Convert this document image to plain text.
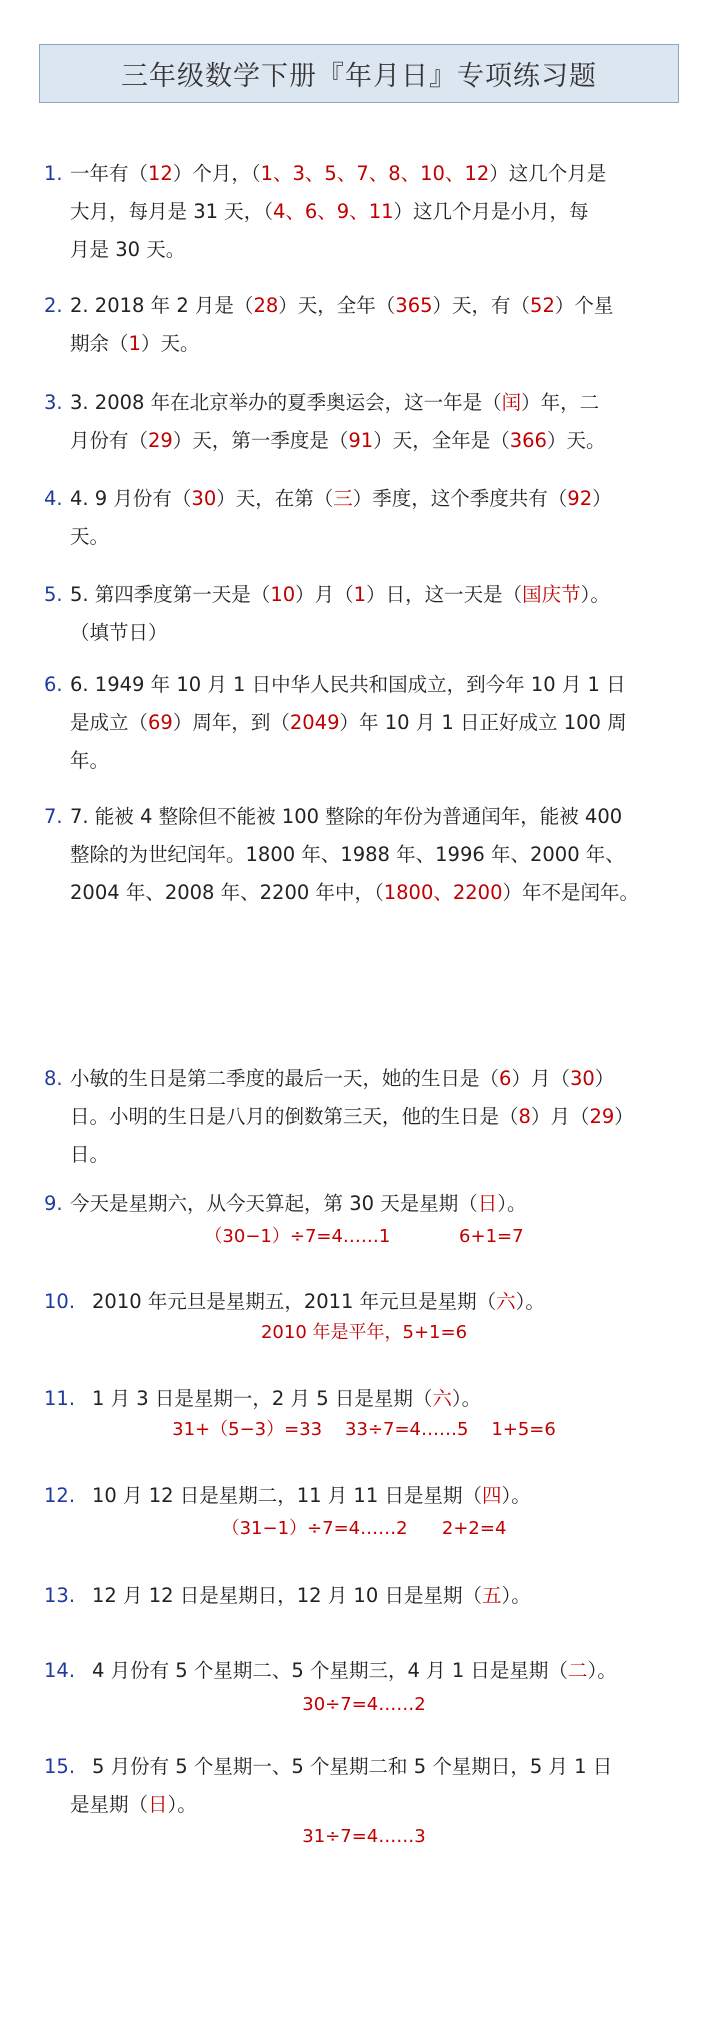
三年级数学下册『年月日』专项练习题
1. 一年有（12）个月，（1、3、5、7、8、10、12）这几个月是
大月，每月是 31 天，（4、6、9、11）这几个月是小月，每
月是 30 天。
2. 2. 2018 年 2 月是（28）天，全年（365）天，有（52）个星
期余（1）天。
3. 3. 2008 年在北京举办的夏季奥运会，这一年是（闰）年，二
月份有（29）天，第一季度是（91）天，全年是（366）天。
4. 4. 9 月份有（30）天，在第（三）季度，这个季度共有（92）
天。
5. 5. 第四季度第一天是（10）月（1）日，这一天是（国庆节）。
（填节日）
6. 6. 1949 年 10 月 1 日中华人民共和国成立，到今年 10 月 1 日
是成立（69）周年，到（2049）年 10 月 1 日正好成立 100 周
年。
7. 7. 能被 4 整除但不能被 100 整除的年份为普通闰年，能被 400
整除的为世纪闰年。1800 年、1988 年、1996 年、2000 年、
2004 年、2008 年、2200 年中，（1800、2200）年不是闰年。
8. 小敏的生日是第二季度的最后一天，她的生日是（6）月（30）
日。小明的生日是八月的倒数第三天，他的生日是（8）月（29）
日。
9. 今天是星期六，从今天算起，第 30 天是星期（日）。
（30−1）÷7=4……1            6+1=7
10. 2010 年元旦是星期五，2011 年元旦是星期（六）。
2010 年是平年，5+1=6
11. 1 月 3 日是星期一，2 月 5 日是星期（六）。
31+（5−3）=33    33÷7=4……5    1+5=6
12. 10 月 12 日是星期二，11 月 11 日是星期（四）。
（31−1）÷7=4……2      2+2=4
13. 12 月 12 日是星期日，12 月 10 日是星期（五）。
14. 4 月份有 5 个星期二、5 个星期三，4 月 1 日是星期（二）。
30÷7=4……2
15. 5 月份有 5 个星期一、5 个星期二和 5 个星期日，5 月 1 日
是星期（日）。
31÷7=4……3
